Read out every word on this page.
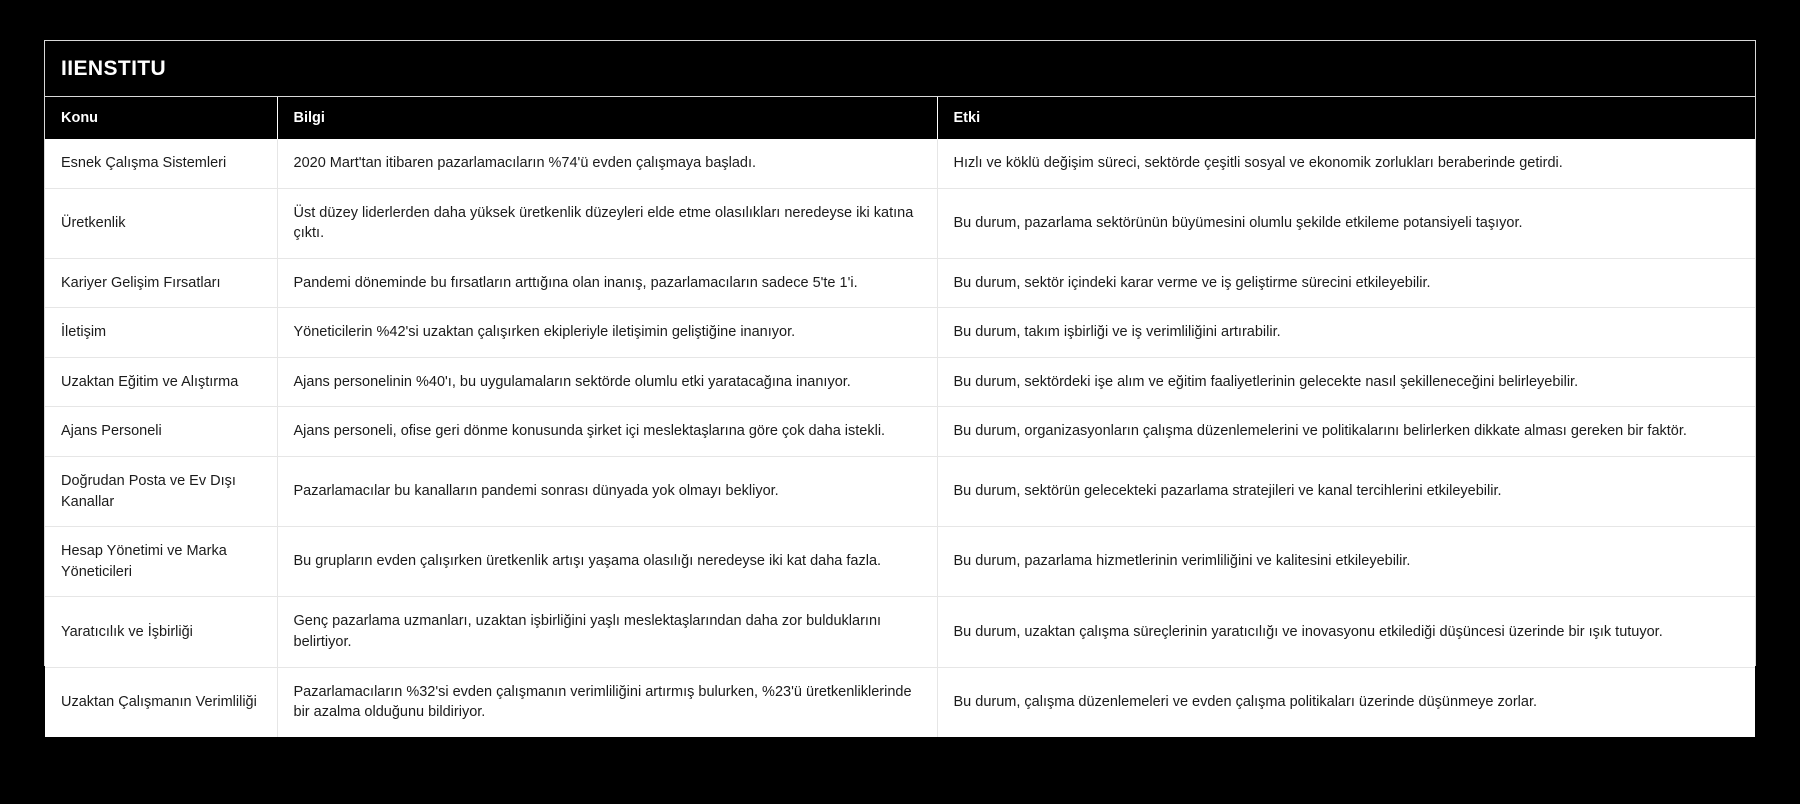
IIENSTITU
Konu	Bilgi	Etki
Esnek Çalışma Sistemleri	2020 Mart'tan itibaren pazarlamacıların %74'ü evden çalışmaya başladı.	Hızlı ve köklü değişim süreci, sektörde çeşitli sosyal ve ekonomik zorlukları beraberinde getirdi.
Üretkenlik	Üst düzey liderlerden daha yüksek üretkenlik düzeyleri elde etme olasılıkları neredeyse iki katına çıktı.	Bu durum, pazarlama sektörünün büyümesini olumlu şekilde etkileme potansiyeli taşıyor.
Kariyer Gelişim Fırsatları	Pandemi döneminde bu fırsatların arttığına olan inanış, pazarlamacıların sadece 5'te 1'i.	Bu durum, sektör içindeki karar verme ve iş geliştirme sürecini etkileyebilir.
İletişim	Yöneticilerin %42'si uzaktan çalışırken ekipleriyle iletişimin geliştiğine inanıyor.	Bu durum, takım işbirliği ve iş verimliliğini artırabilir.
Uzaktan Eğitim ve Alıştırma	Ajans personelinin %40'ı, bu uygulamaların sektörde olumlu etki yaratacağına inanıyor.	Bu durum, sektördeki işe alım ve eğitim faaliyetlerinin gelecekte nasıl şekilleneceğini belirleyebilir.
Ajans Personeli	Ajans personeli, ofise geri dönme konusunda şirket içi meslektaşlarına göre çok daha istekli.	Bu durum, organizasyonların çalışma düzenlemelerini ve politikalarını belirlerken dikkate alması gereken bir faktör.
Doğrudan Posta ve Ev Dışı Kanallar	Pazarlamacılar bu kanalların pandemi sonrası dünyada yok olmayı bekliyor.	Bu durum, sektörün gelecekteki pazarlama stratejileri ve kanal tercihlerini etkileyebilir.
Hesap Yönetimi ve Marka Yöneticileri	Bu grupların evden çalışırken üretkenlik artışı yaşama olasılığı neredeyse iki kat daha fazla.	Bu durum, pazarlama hizmetlerinin verimliliğini ve kalitesini etkileyebilir.
Yaratıcılık ve İşbirliği	Genç pazarlama uzmanları, uzaktan işbirliğini yaşlı meslektaşlarından daha zor bulduklarını belirtiyor.	Bu durum, uzaktan çalışma süreçlerinin yaratıcılığı ve inovasyonu etkilediği düşüncesi üzerinde bir ışık tutuyor.
Uzaktan Çalışmanın Verimliliği	Pazarlamacıların %32'si evden çalışmanın verimliliğini artırmış bulurken, %23'ü üretkenliklerinde bir azalma olduğunu bildiriyor.	Bu durum, çalışma düzenlemeleri ve evden çalışma politikaları üzerinde düşünmeye zorlar.
